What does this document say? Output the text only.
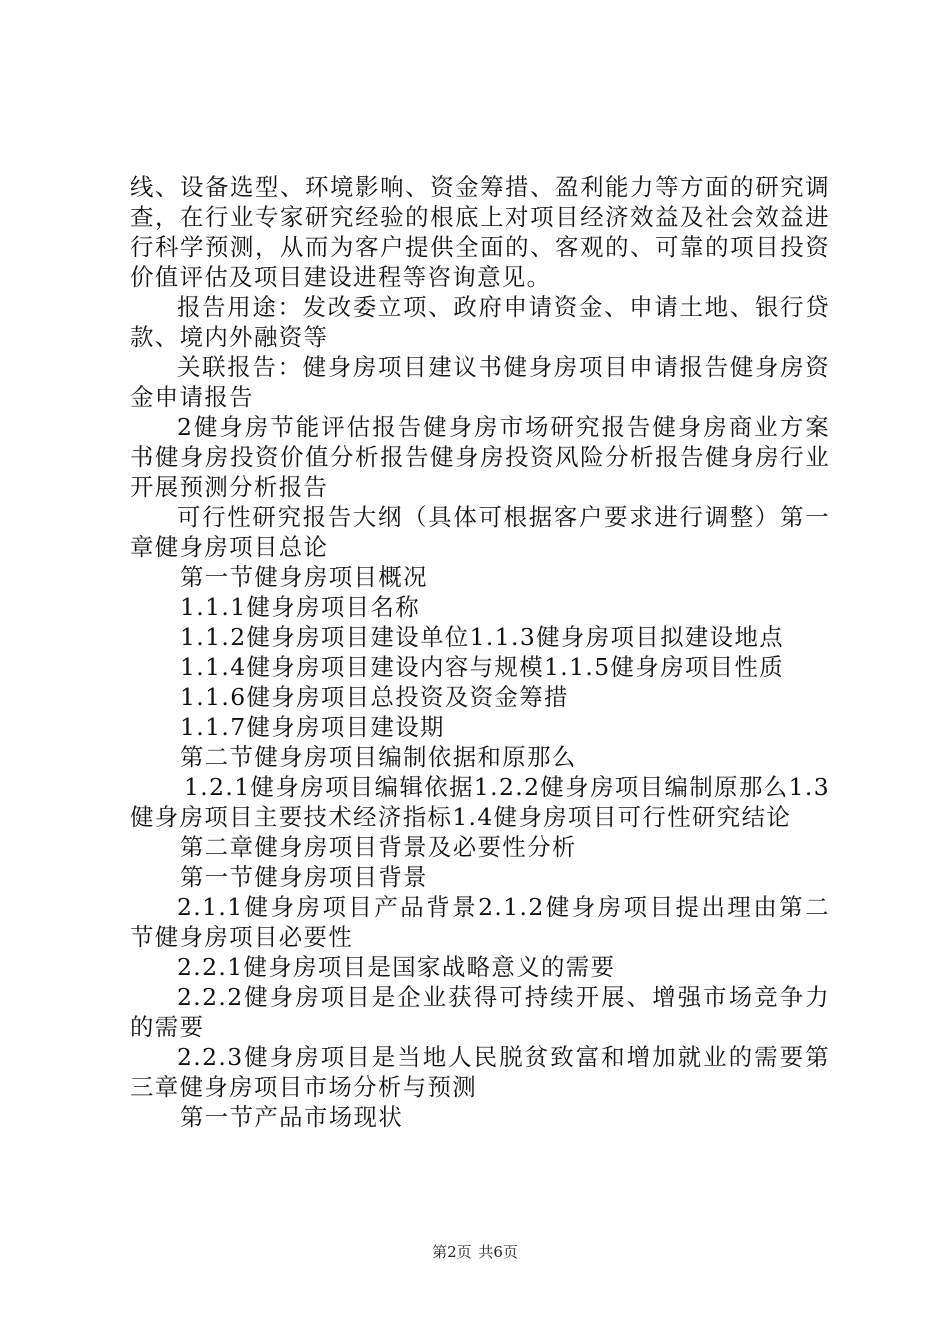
线、设备选型、环境影响、资金筹措、盈利能力等方面的研究调查，在行业专家研究经验的根底上对项目经济效益及社会效益进行科学预测，从而为客户提供全面的、客观的、可靠的项目投资价值评估及项目建设进程等咨询意见。

报告用途：发改委立项、政府申请资金、申请土地、银行贷款、境内外融资等

关联报告：健身房项目建议书健身房项目申请报告健身房资金申请报告

2健身房节能评估报告健身房市场研究报告健身房商业方案书健身房投资价值分析报告健身房投资风险分析报告健身房行业开展预测分析报告

可行性研究报告大纲（具体可根据客户要求进行调整）第一章健身房项目总论

第一节健身房项目概况

1.1.1健身房项目名称

1.1.2健身房项目建设单位1.1.3健身房项目拟建设地点

1.1.4健身房项目建设内容与规模1.1.5健身房项目性质

1.1.6健身房项目总投资及资金筹措

1.1.7健身房项目建设期

第二节健身房项目编制依据和原那么

1.2.1健身房项目编辑依据1.2.2健身房项目编制原那么1.3健身房项目主要技术经济指标1.4健身房项目可行性研究结论

第二章健身房项目背景及必要性分析

第一节健身房项目背景

2.1.1健身房项目产品背景2.1.2健身房项目提出理由第二节健身房项目必要性

2.2.1健身房项目是国家战略意义的需要

2.2.2健身房项目是企业获得可持续开展、增强市场竞争力的需要

2.2.3健身房项目是当地人民脱贫致富和增加就业的需要第三章健身房项目市场分析与预测

第一节产品市场现状

第2页 共6页
